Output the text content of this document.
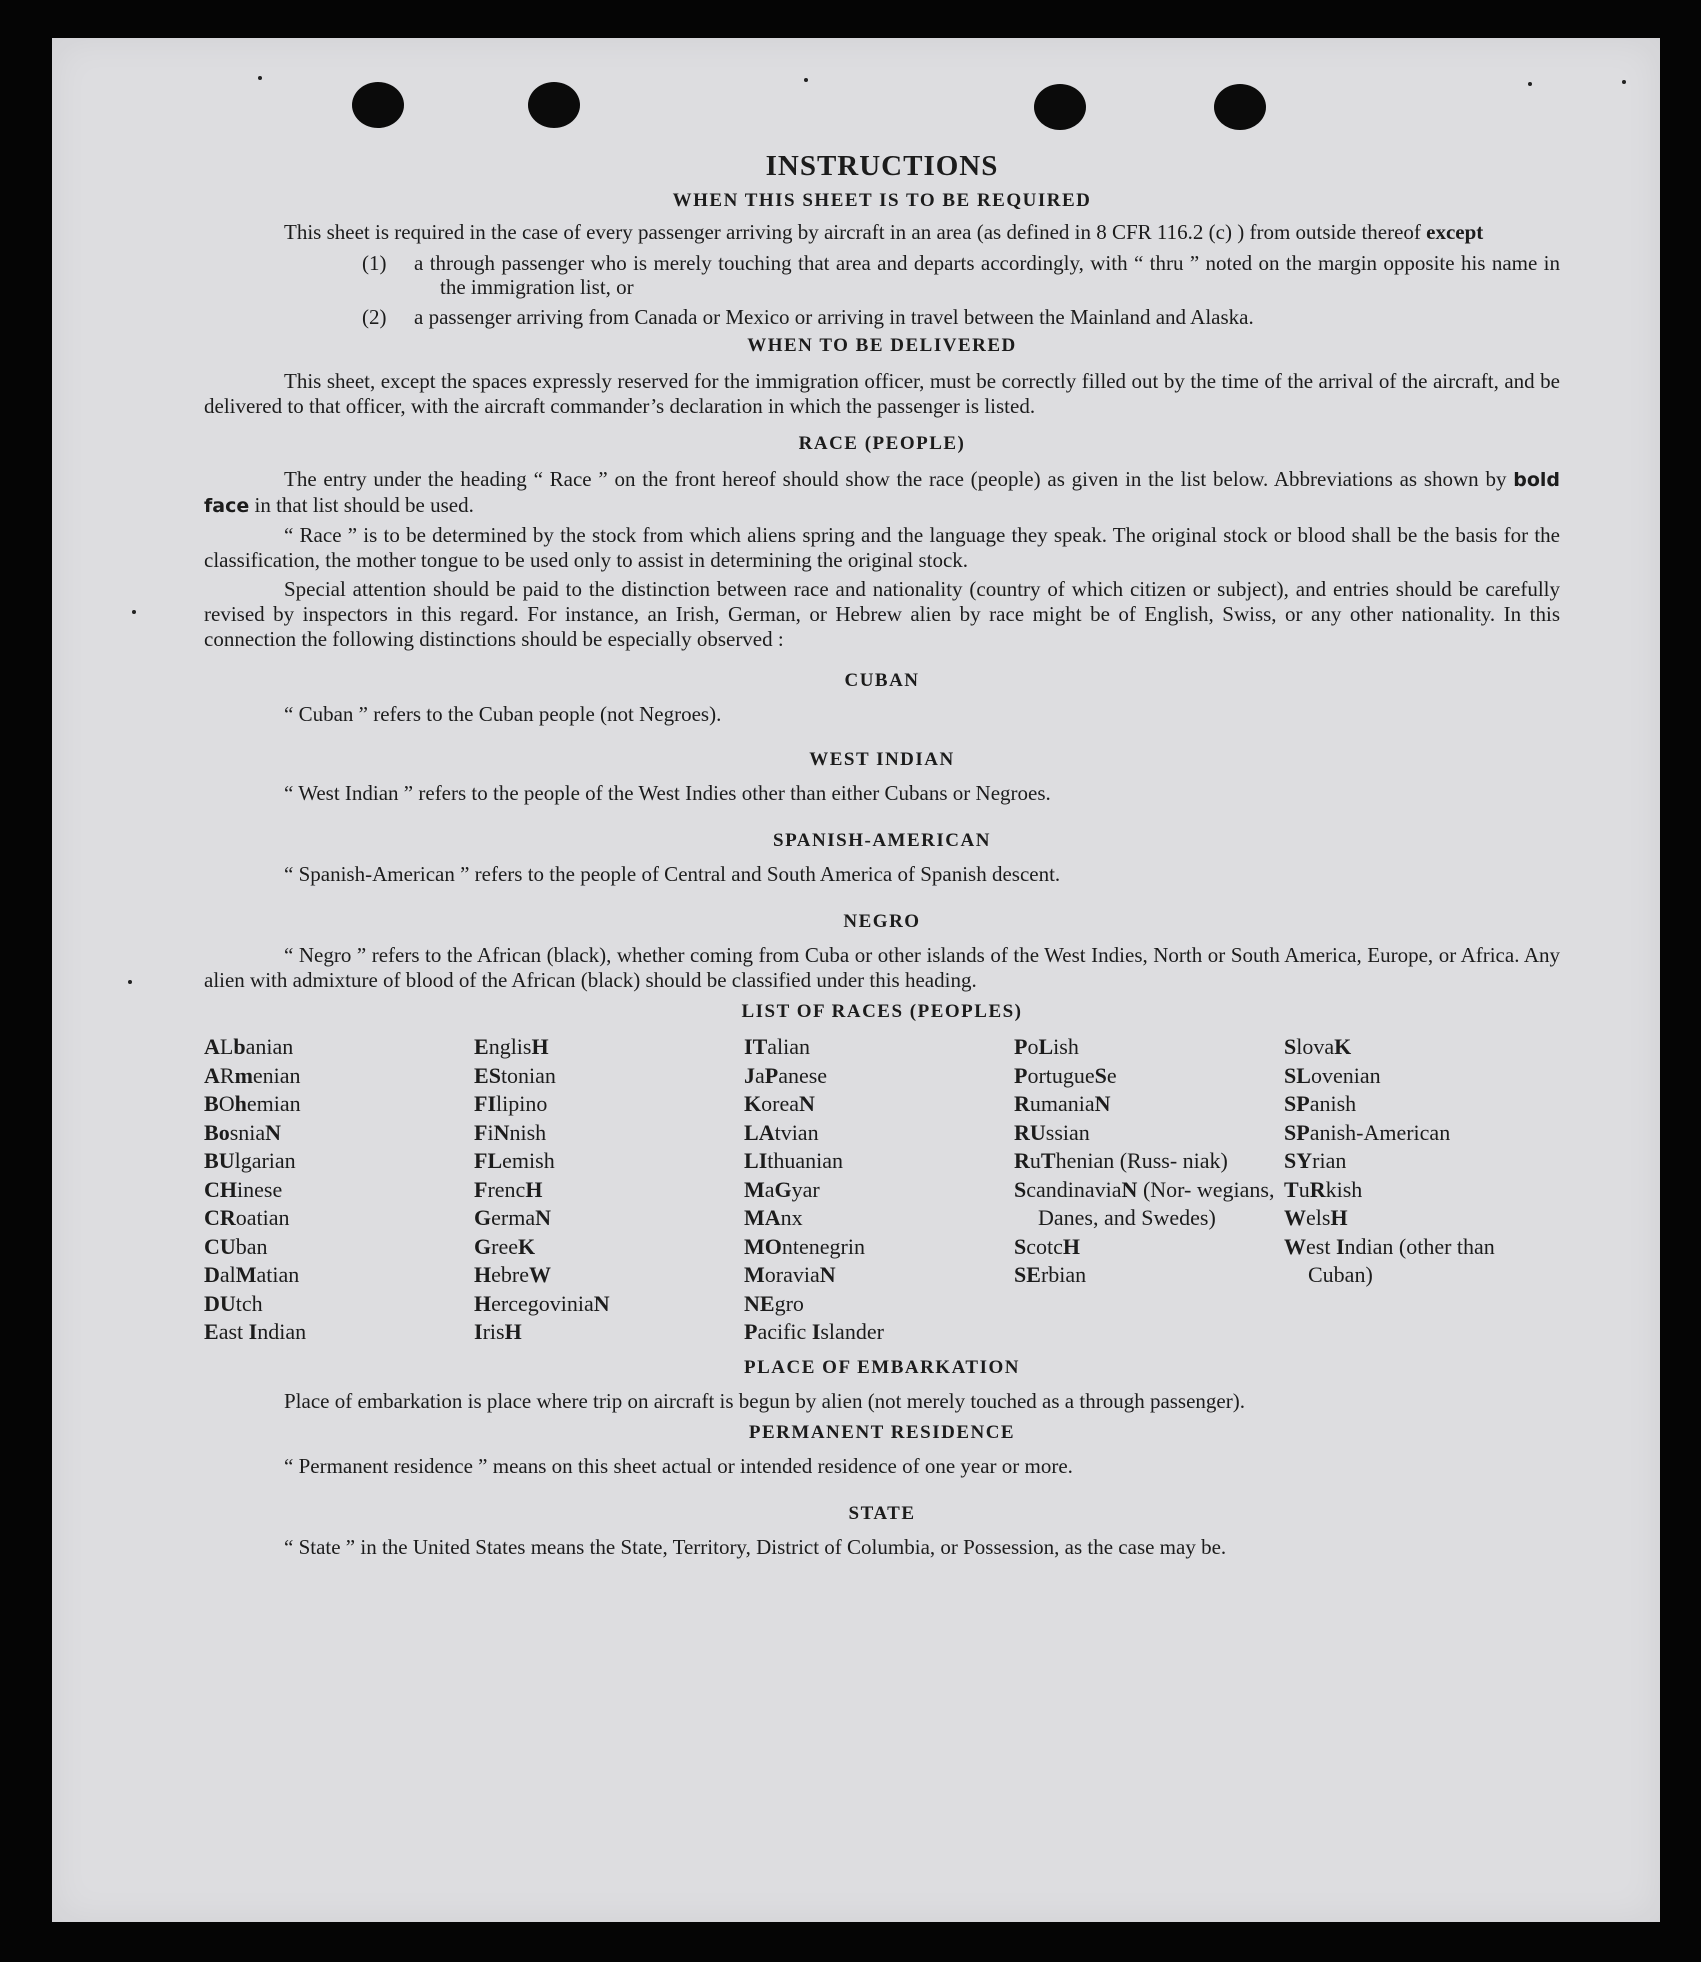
INSTRUCTIONS
WHEN THIS SHEET IS TO BE REQUIRED

This sheet is required in the case of every passenger arriving by aircraft in an area (as defined in 8 CFR 116.2 (c) ) from outside thereof except

(1)	a through passenger who is merely touching that area and departs accordingly, with “ thru ” noted on the margin opposite his name in the immigration list, or
(2)	a passenger arriving from Canada or Mexico or arriving in travel between the Mainland and Alaska.
WHEN TO BE DELIVERED

This sheet, except the spaces expressly reserved for the immigration officer, must be correctly filled out by the time of the arrival of the aircraft, and be delivered to that officer, with the aircraft commander’s declaration in which the passenger is listed.

RACE (PEOPLE)

The entry under the heading “ Race ” on the front hereof should show the race (people) as given in the list below. Abbreviations as shown by bold face in that list should be used.

“ Race ” is to be determined by the stock from which aliens spring and the language they speak. The original stock or blood shall be the basis for the classification, the mother tongue to be used only to assist in determining the original stock.

Special attention should be paid to the distinction between race and nationality (country of which citizen or subject), and entries should be carefully revised by inspectors in this regard. For instance, an Irish, German, or Hebrew alien by race might be of English, Swiss, or any other nationality. In this connection the following distinctions should be especially observed :

CUBAN

“ Cuban ” refers to the Cuban people (not Negroes).

WEST INDIAN

“ West Indian ” refers to the people of the West Indies other than either Cubans or Negroes.

SPANISH-AMERICAN

“ Spanish-American ” refers to the people of Central and South America of Spanish descent.

NEGRO

“ Negro ” refers to the African (black), whether coming from Cuba or other islands of the West Indies, North or South America, Europe, or Africa. Any alien with admixture of blood of the African (black) should be classified under this heading.

LIST OF RACES (PEOPLES)
ALbanian
ARmenian
BOhemian
BosniaN
BUlgarian
CHinese
CRoatian
CUban
DalMatian
DUtch
East Indian
EnglisH
EStonian
FIlipino
FiNnish
FLemish
FrencH
GermaN
GreeK
HebreW
HercegoviniaN
IrisH
ITalian
JaPanese
KoreaN
LAtvian
LIthuanian
MaGyar
MAnx
MOntenegrin
MoraviaN
NEgro
Pacific Islander
PoLish
PortugueSe
RumaniaN
RUssian
RuThenian (Russ- niak)
ScandinaviaN (Nor- wegians, Danes, and Swedes)
ScotcH
SErbian
SlovaK
SLovenian
SPanish
SPanish-American
SYrian
TuRkish
WelsH
West Indian (other than Cuban)
PLACE OF EMBARKATION

Place of embarkation is place where trip on aircraft is begun by alien (not merely touched as a through passenger).

PERMANENT RESIDENCE

“ Permanent residence ” means on this sheet actual or intended residence of one year or more.

STATE

“ State ” in the United States means the State, Territory, District of Columbia, or Possession, as the case may be.
